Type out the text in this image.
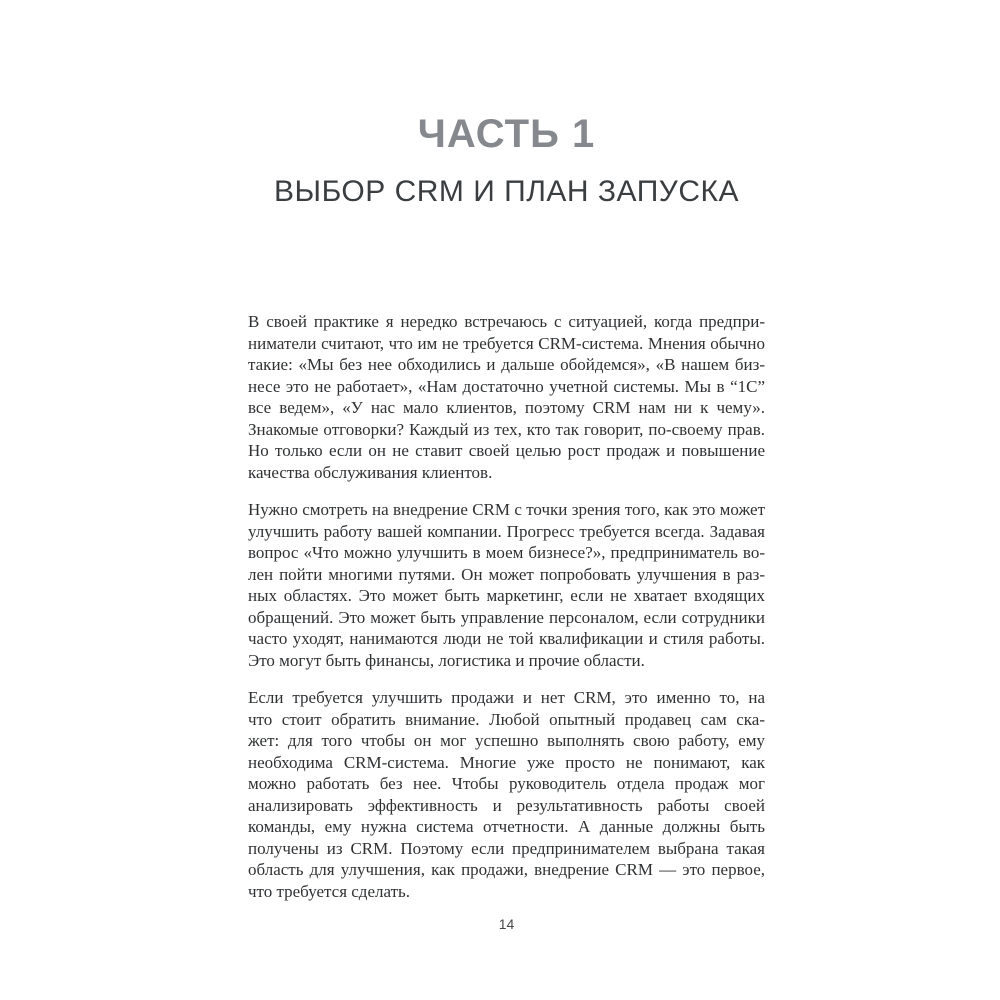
ЧАСТЬ 1
ВЫБОР CRM И ПЛАН ЗАПУСКА
В своей практике я нередко встречаюсь с ситуацией, когда предпри-
ниматели считают, что им не требуется CRM-система. Мнения обычно
такие: «Мы без нее обходились и дальше обойдемся», «В нашем биз-
несе это не работает», «Нам достаточно учетной системы. Мы в “1С”
все ведем», «У нас мало клиентов, поэтому CRM нам ни к чему».
Знакомые отговорки? Каждый из тех, кто так говорит, по-своему прав.
Но только если он не ставит своей целью рост продаж и повышение
качества обслуживания клиентов.
Нужно смотреть на внедрение CRM с точки зрения того, как это может
улучшить работу вашей компании. Прогресс требуется всегда. Задавая
вопрос «Что можно улучшить в моем бизнесе?», предприниматель во-
лен пойти многими путями. Он может попробовать улучшения в раз-
ных областях. Это может быть маркетинг, если не хватает входящих
обращений. Это может быть управление персоналом, если сотрудники
часто уходят, нанимаются люди не той квалификации и стиля работы.
Это могут быть финансы, логистика и прочие области.
Если требуется улучшить продажи и нет CRM, это именно то, на
что стоит обратить внимание. Любой опытный продавец сам ска-
жет: для того чтобы он мог успешно выполнять свою работу, ему
необходима CRM-система. Многие уже просто не понимают, как
можно работать без нее. Чтобы руководитель отдела продаж мог
анализировать эффективность и результативность работы своей
команды, ему нужна система отчетности. А данные должны быть
получены из CRM. Поэтому если предпринимателем выбрана такая
область для улучшения, как продажи, внедрение CRM — это первое,
что требуется сделать.
14
